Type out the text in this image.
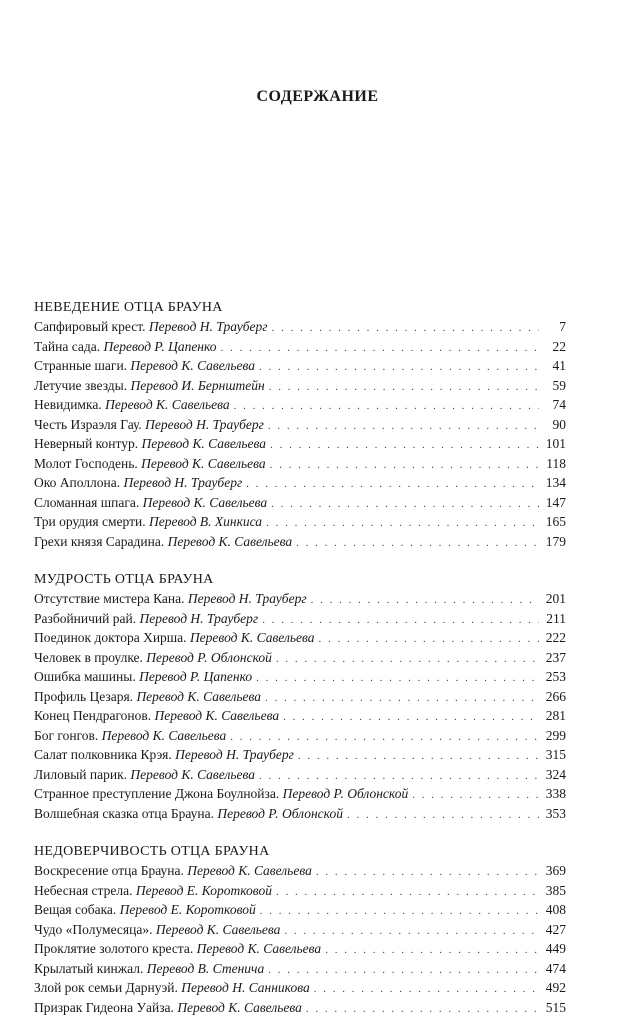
СОДЕРЖАНИЕ
НЕВЕДЕНИЕ ОТЦА БРАУНА
Сапфировый крест. Перевод Н. Трауберг . . .	7
Тайна сада. Перевод Р. Цапенко . . .	22
Странные шаги. Перевод К. Савельева . . .	41
Летучие звезды. Перевод И. Бернштейн . . .	59
Невидимка. Перевод К. Савельева . . .	74
Честь Израэля Гау. Перевод Н. Трауберг . . .	90
Неверный контур. Перевод К. Савельева . . .	101
Молот Господень. Перевод К. Савельева . . .	118
Око Аполлона. Перевод Н. Трауберг . . .	134
Сломанная шпага. Перевод К. Савельева . . .	147
Три орудия смерти. Перевод В. Хинкиса . . .	165
Грехи князя Сарадина. Перевод К. Савельева . . .	179
МУДРОСТЬ ОТЦА БРАУНА
Отсутствие мистера Кана. Перевод Н. Трауберг . . .	201
Разбойничий рай. Перевод Н. Трауберг . . .	211
Поединок доктора Хирша. Перевод К. Савельева . . .	222
Человек в проулке. Перевод Р. Облонской . . .	237
Ошибка машины. Перевод Р. Цапенко . . .	253
Профиль Цезаря. Перевод К. Савельева . . .	266
Конец Пендрагонов. Перевод К. Савельева . . .	281
Бог гонгов. Перевод К. Савельева . . .	299
Салат полковника Крэя. Перевод Н. Трауберг . . .	315
Лиловый парик. Перевод К. Савельева . . .	324
Странное преступление Джона Боулнойза. Перевод Р. Облонской . . .	338
Волшебная сказка отца Брауна. Перевод Р. Облонской . . .	353
НЕДОВЕРЧИВОСТЬ ОТЦА БРАУНА
Воскресение отца Брауна. Перевод К. Савельева . . .	369
Небесная стрела. Перевод Е. Коротковой . . .	385
Вещая собака. Перевод Е. Коротковой . . .	408
Чудо «Полумесяца». Перевод К. Савельева . . .	427
Проклятие золотого креста. Перевод К. Савельева . . .	449
Крылатый кинжал. Перевод В. Стенича . . .	474
Злой рок семьи Дарнуэй. Перевод Н. Санникова . . .	492
Призрак Гидеона Уайза. Перевод К. Савельева . . .	515
